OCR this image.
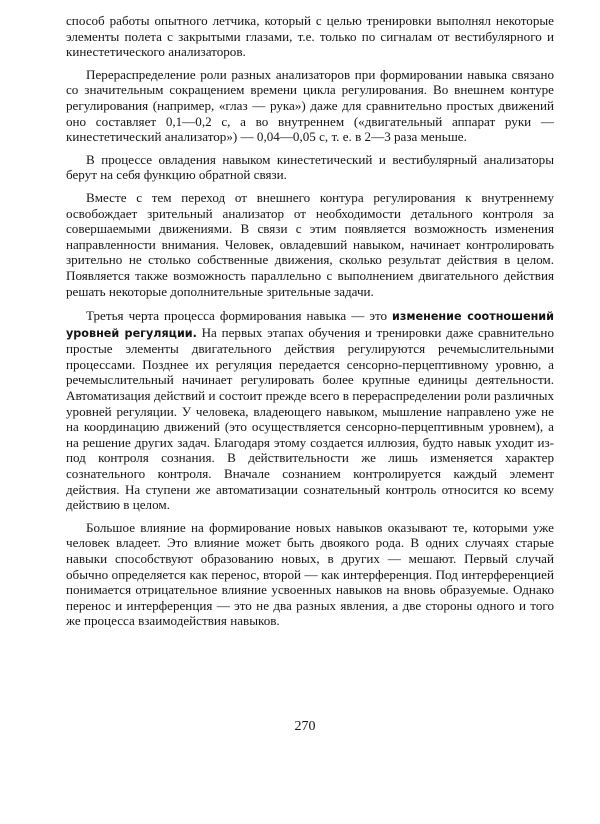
способ работы опытного летчика, который с целью тренировки выполнял некоторые элементы полета с закрытыми глазами, т.е. только по сигналам от вестибулярного и кинестетического анализаторов.

Перераспределение роли разных анализаторов при формировании навыка связано со значительным сокращением времени цикла регулирования. Во внешнем контуре регулирования (например, «глаз — рука») даже для сравнительно простых движений оно составляет 0,1—0,2 с, а во внутреннем («двигательный аппарат руки — кинестетический анализатор») — 0,04—0,05 с, т. е. в 2—3 раза меньше.

В процессе овладения навыком кинестетический и вестибулярный анализаторы берут на себя функцию обратной связи.

Вместе с тем переход от внешнего контура регулирования к внутреннему освобождает зрительный анализатор от необходимости детального контроля за совершаемыми движениями. В связи с этим появляется возможность изменения направленности внимания. Человек, овладевший навыком, начинает контролировать зрительно не столько собственные движения, сколько результат действия в целом. Появляется также возможность параллельно с выполнением двигательного действия решать некоторые дополнительные зрительные задачи.

Третья черта процесса формирования навыка — это изменение соотношений уровней регуляции. На первых этапах обучения и тренировки даже сравнительно простые элементы двигательного действия регулируются речемыслительными процессами. Позднее их регуляция передается сенсорно-перцептивному уровню, а речемыслительный начинает регулировать более крупные единицы деятельности. Автоматизация действий и состоит прежде всего в перераспределении роли различных уровней регуляции. У человека, владеющего навыком, мышление направлено уже не на координацию движений (это осуществляется сенсорно-перцептивным уровнем), а на решение других задач. Благодаря этому создается иллюзия, будто навык уходит из-под контроля сознания. В действительности же лишь изменяется характер сознательного контроля. Вначале сознанием контролируется каждый элемент действия. На ступени же автоматизации сознательный контроль относится ко всему действию в целом.

Большое влияние на формирование новых навыков оказывают те, которыми уже человек владеет. Это влияние может быть двоякого рода. В одних случаях старые навыки способствуют образованию новых, в других — мешают. Первый случай обычно определяется как перенос, второй — как интерференция. Под интерференцией понимается отрицательное влияние усвоенных навыков на вновь образуемые. Однако перенос и интерференция — это не два разных явления, а две стороны одного и того же процесса взаимодействия навыков.

270
